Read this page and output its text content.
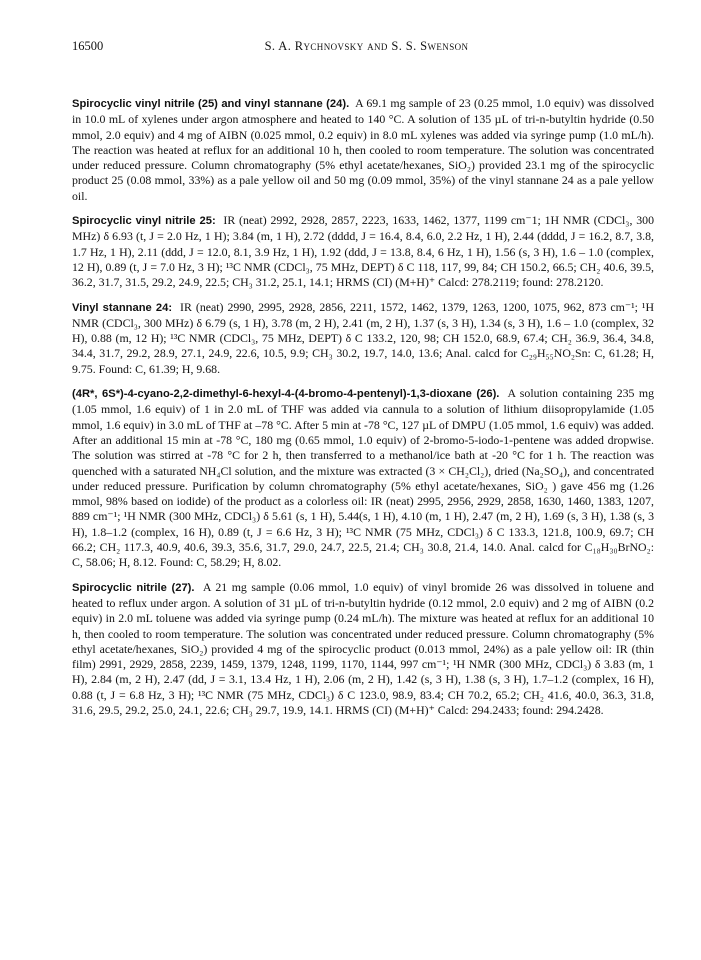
16500	S. A. Rychnovsky and S. S. Swenson

Spirocyclic vinyl nitrile (25) and vinyl stannane (24). A 69.1 mg sample of 23 (0.25 mmol, 1.0 equiv) was dissolved in 10.0 mL of xylenes under argon atmosphere and heated to 140 °C. A solution of 135 µL of tri-n-butyltin hydride (0.50 mmol, 2.0 equiv) and 4 mg of AIBN (0.025 mmol, 0.2 equiv) in 8.0 mL xylenes was added via syringe pump (1.0 mL/h). The reaction was heated at reflux for an additional 10 h, then cooled to room temperature. The solution was concentrated under reduced pressure. Column chromatography (5% ethyl acetate/hexanes, SiO₂) provided 23.1 mg of the spirocyclic product 25 (0.08 mmol, 33%) as a pale yellow oil and 50 mg (0.09 mmol, 35%) of the vinyl stannane 24 as a pale yellow oil.

Spirocyclic vinyl nitrile 25: IR (neat) 2992, 2928, 2857, 2223, 1633, 1462, 1377, 1199 cm⁻1; 1H NMR (CDCl₃, 300 MHz) δ 6.93 (t, J = 2.0 Hz, 1 H); 3.84 (m, 1 H), 2.72 (dddd, J = 16.4, 8.4, 6.0, 2.2 Hz, 1 H), 2.44 (dddd, J = 16.2, 8.7, 3.8, 1.7 Hz, 1 H), 2.11 (ddd, J = 12.0, 8.1, 3.9 Hz, 1 H), 1.92 (ddd, J = 13.8, 8.4, 6 Hz, 1 H), 1.56 (s, 3 H), 1.6 – 1.0 (complex, 12 H), 0.89 (t, J = 7.0 Hz, 3 H); ¹³C NMR (CDCl₃, 75 MHz, DEPT) δ C 118, 117, 99, 84; CH 150.2, 66.5; CH₂ 40.6, 39.5, 36.2, 31.7, 31.5, 29.2, 24.9, 22.5; CH₃ 31.2, 25.1, 14.1; HRMS (CI) (M+H)⁺ Calcd: 278.2119; found: 278.2120.

Vinyl stannane 24: IR (neat) 2990, 2995, 2928, 2856, 2211, 1572, 1462, 1379, 1263, 1200, 1075, 962, 873 cm⁻¹; ¹H NMR (CDCl₃, 300 MHz) δ 6.79 (s, 1 H), 3.78 (m, 2 H), 2.41 (m, 2 H), 1.37 (s, 3 H), 1.34 (s, 3 H), 1.6 – 1.0 (complex, 32 H), 0.88 (m, 12 H); ¹³C NMR (CDCl₃, 75 MHz, DEPT) δ C 133.2, 120, 98; CH 152.0, 68.9, 67.4; CH₂ 36.9, 36.4, 34.8, 34.4, 31.7, 29.2, 28.9, 27.1, 24.9, 22.6, 10.5, 9.9; CH₃ 30.2, 19.7, 14.0, 13.6; Anal. calcd for C₂₉H₅₅NO₂Sn: C, 61.28; H, 9.75. Found: C, 61.39; H, 9.68.

(4R*, 6S*)-4-cyano-2,2-dimethyl-6-hexyl-4-(4-bromo-4-pentenyl)-1,3-dioxane (26). A solution containing 235 mg (1.05 mmol, 1.6 equiv) of 1 in 2.0 mL of THF was added via cannula to a solution of lithium diisopropylamide (1.05 mmol, 1.6 equiv) in 3.0 mL of THF at –78 °C. After 5 min at -78 °C, 127 µL of DMPU (1.05 mmol, 1.6 equiv) was added. After an additional 15 min at -78 °C, 180 mg (0.65 mmol, 1.0 equiv) of 2-bromo-5-iodo-1-pentene was added dropwise. The solution was stirred at -78 °C for 2 h, then transferred to a methanol/ice bath at -20 °C for 1 h. The reaction was quenched with a saturated NH₄Cl solution, and the mixture was extracted (3 × CH₂Cl₂), dried (Na₂SO₄), and concentrated under reduced pressure. Purification by column chromatography (5% ethyl acetate/hexanes, SiO₂ ) gave 456 mg (1.26 mmol, 98% based on iodide) of the product as a colorless oil: IR (neat) 2995, 2956, 2929, 2858, 1630, 1460, 1383, 1207, 889 cm⁻¹; ¹H NMR (300 MHz, CDCl₃) δ 5.61 (s, 1 H), 5.44(s, 1 H), 4.10 (m, 1 H), 2.47 (m, 2 H), 1.69 (s, 3 H), 1.38 (s, 3 H), 1.8–1.2 (complex, 16 H), 0.89 (t, J = 6.6 Hz, 3 H); ¹³C NMR (75 MHz, CDCl₃) δ C 133.3, 121.8, 100.9, 69.7; CH 66.2; CH₂ 117.3, 40.9, 40.6, 39.3, 35.6, 31.7, 29.0, 24.7, 22.5, 21.4; CH₃ 30.8, 21.4, 14.0. Anal. calcd for C₁₈H₃₀BrNO₂: C, 58.06; H, 8.12. Found: C, 58.29; H, 8.02.

Spirocyclic nitrile (27). A 21 mg sample (0.06 mmol, 1.0 equiv) of vinyl bromide 26 was dissolved in toluene and heated to reflux under argon. A solution of 31 µL of tri-n-butyltin hydride (0.12 mmol, 2.0 equiv) and 2 mg of AIBN (0.2 equiv) in 2.0 mL toluene was added via syringe pump (0.24 mL/h). The mixture was heated at reflux for an additional 10 h, then cooled to room temperature. The solution was concentrated under reduced pressure. Column chromatography (5% ethyl acetate/hexanes, SiO₂) provided 4 mg of the spirocyclic product (0.013 mmol, 24%) as a pale yellow oil: IR (thin film) 2991, 2929, 2858, 2239, 1459, 1379, 1248, 1199, 1170, 1144, 997 cm⁻¹; ¹H NMR (300 MHz, CDCl₃) δ 3.83 (m, 1 H), 2.84 (m, 2 H), 2.47 (dd, J = 3.1, 13.4 Hz, 1 H), 2.06 (m, 2 H), 1.42 (s, 3 H), 1.38 (s, 3 H), 1.7–1.2 (complex, 16 H), 0.88 (t, J = 6.8 Hz, 3 H); ¹³C NMR (75 MHz, CDCl₃) δ C 123.0, 98.9, 83.4; CH 70.2, 65.2; CH₂ 41.6, 40.0, 36.3, 31.8, 31.6, 29.5, 29.2, 25.0, 24.1, 22.6; CH₃ 29.7, 19.9, 14.1. HRMS (CI) (M+H)⁺ Calcd: 294.2433; found: 294.2428.
